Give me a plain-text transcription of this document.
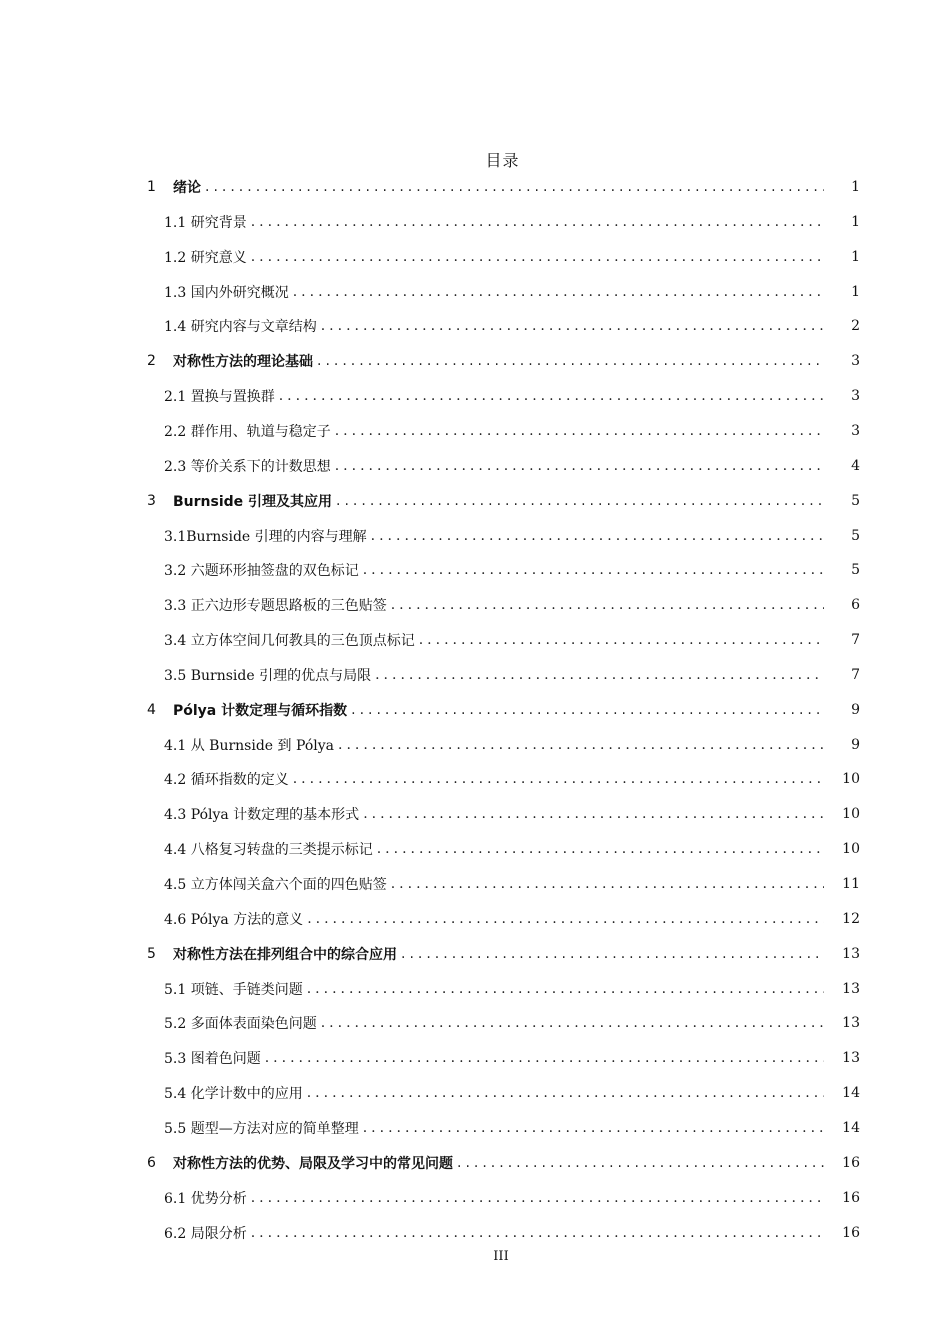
目录
1 绪论 .....	1
1.1 研究背景 .....	1
1.2 研究意义 .....	1
1.3 国内外研究概况 .....	1
1.4 研究内容与文章结构 .....	2
2 对称性方法的理论基础 .....	3
2.1 置换与置换群 .....	3
2.2 群作用、轨道与稳定子 .....	3
2.3 等价关系下的计数思想 .....	4
3 Burnside 引理及其应用 .....	5
3.1Burnside 引理的内容与理解 .....	5
3.2 六题环形抽签盘的双色标记 .....	5
3.3 正六边形专题思路板的三色贴签 .....	6
3.4 立方体空间几何教具的三色顶点标记 .....	7
3.5 Burnside 引理的优点与局限 .....	7
4 Pólya 计数定理与循环指数 .....	9
4.1 从 Burnside 到 Pólya .....	9
4.2 循环指数的定义 .....	10
4.3 Pólya 计数定理的基本形式 .....	10
4.4 八格复习转盘的三类提示标记 .....	10
4.5 立方体闯关盒六个面的四色贴签 .....	11
4.6 Pólya 方法的意义 .....	12
5 对称性方法在排列组合中的综合应用 .....	13
5.1 项链、手链类问题 .....	13
5.2 多面体表面染色问题 .....	13
5.3 图着色问题 .....	13
5.4 化学计数中的应用 .....	14
5.5 题型—方法对应的简单整理 .....	14
6 对称性方法的优势、局限及学习中的常见问题 .....	16
6.1 优势分析 .....	16
6.2 局限分析 .....	16
III
